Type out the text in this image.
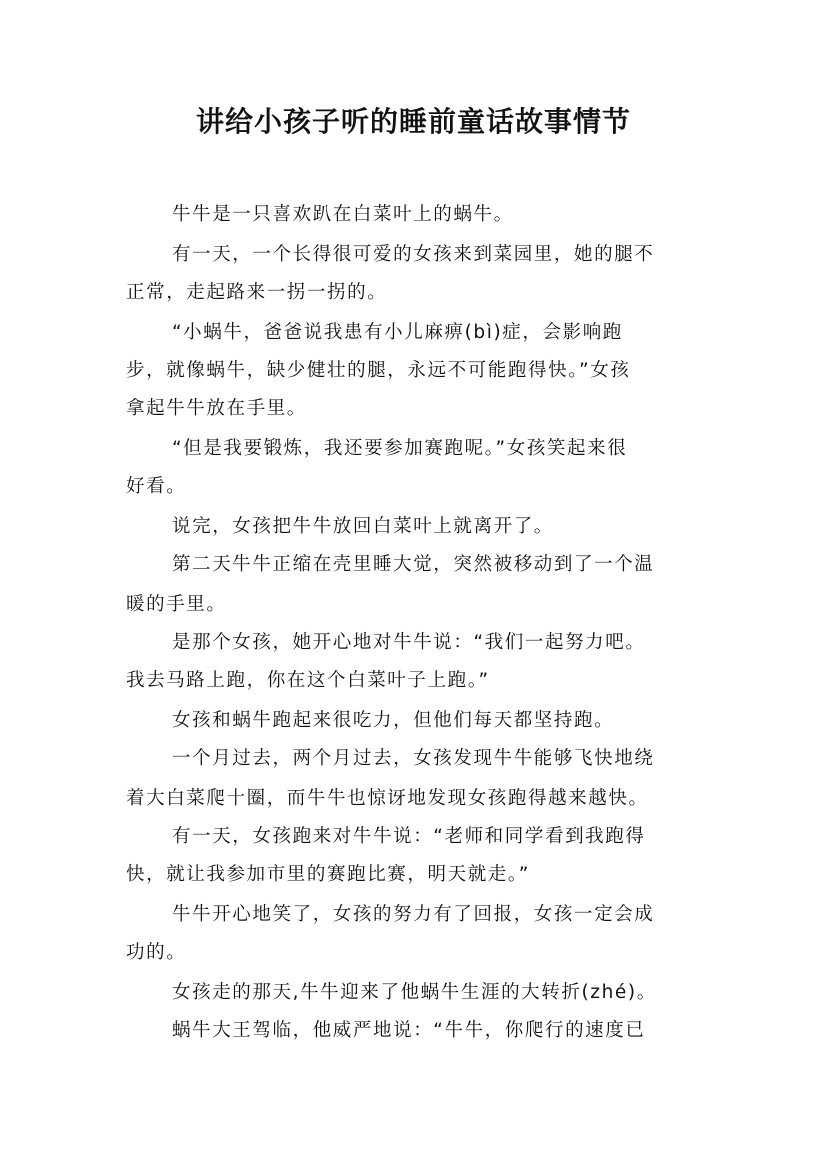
讲给小孩子听的睡前童话故事情节

牛牛是一只喜欢趴在白菜叶上的蜗牛。

有一天，一个长得很可爱的女孩来到菜园里，她的腿不

正常，走起路来一拐一拐的。

“小蜗牛，爸爸说我患有小儿麻痹(bì)症，会影响跑

步，就像蜗牛，缺少健壮的腿，永远不可能跑得快。”女孩

拿起牛牛放在手里。

“但是我要锻炼，我还要参加赛跑呢。”女孩笑起来很

好看。

说完，女孩把牛牛放回白菜叶上就离开了。

第二天牛牛正缩在壳里睡大觉，突然被移动到了一个温

暖的手里。

是那个女孩，她开心地对牛牛说：“我们一起努力吧。

我去马路上跑，你在这个白菜叶子上跑。”

女孩和蜗牛跑起来很吃力，但他们每天都坚持跑。

一个月过去，两个月过去，女孩发现牛牛能够飞快地绕

着大白菜爬十圈，而牛牛也惊讶地发现女孩跑得越来越快。

有一天，女孩跑来对牛牛说：“老师和同学看到我跑得

快，就让我参加市里的赛跑比赛，明天就走。”

牛牛开心地笑了，女孩的努力有了回报，女孩一定会成

功的。

女孩走的那天,牛牛迎来了他蜗牛生涯的大转折(zhé)。

蜗牛大王驾临，他威严地说：“牛牛，你爬行的速度已
